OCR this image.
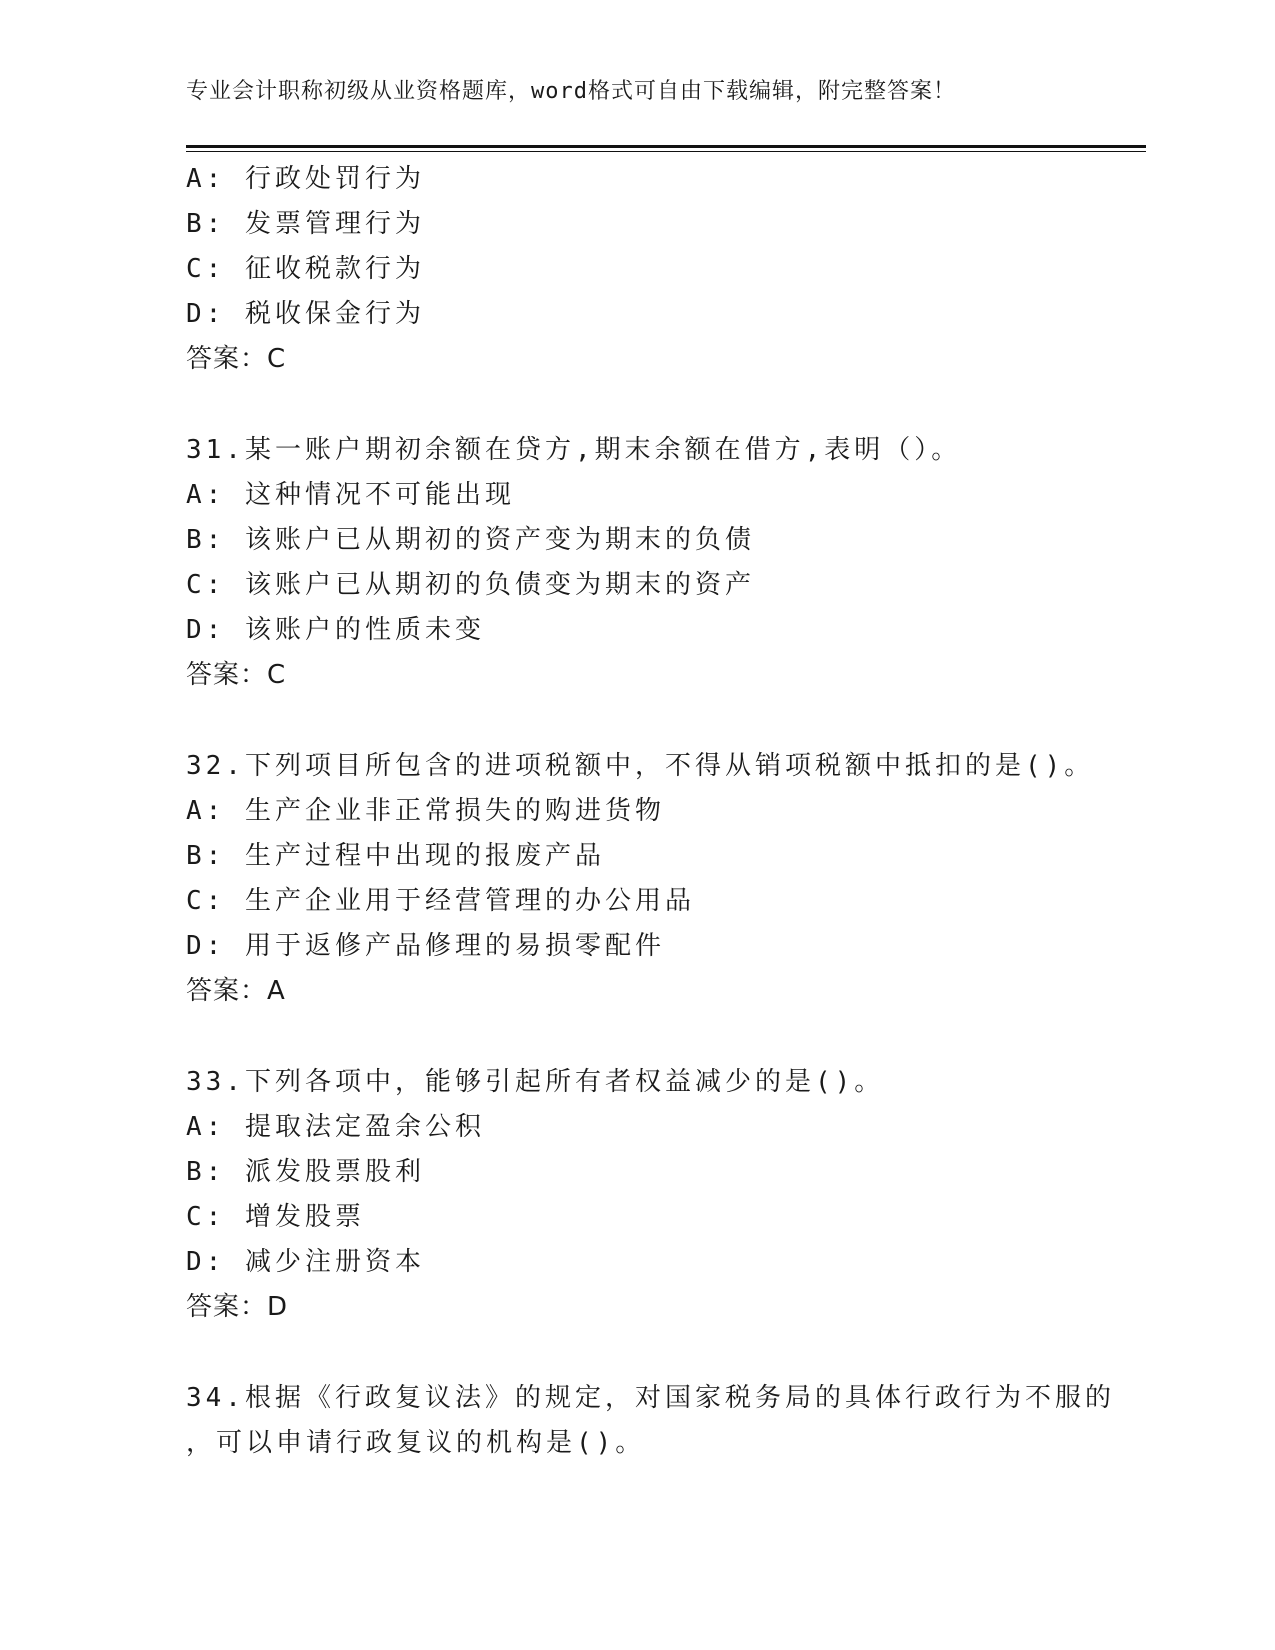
专业会计职称初级从业资格题库，word格式可自由下载编辑，附完整答案！
A: 行政处罚行为
B: 发票管理行为
C: 征收税款行为
D: 税收保金行为
答案：C
31.某一账户期初余额在贷方,期末余额在借方,表明（）。
A: 这种情况不可能出现
B: 该账户已从期初的资产变为期末的负债
C: 该账户已从期初的负债变为期末的资产
D: 该账户的性质未变
答案：C
32.下列项目所包含的进项税额中，不得从销项税额中抵扣的是()。
A: 生产企业非正常损失的购进货物
B: 生产过程中出现的报废产品
C: 生产企业用于经营管理的办公用品
D: 用于返修产品修理的易损零配件
答案：A
33.下列各项中，能够引起所有者权益减少的是()。
A: 提取法定盈余公积
B: 派发股票股利
C: 增发股票
D: 减少注册资本
答案：D
34.根据《行政复议法》的规定，对国家税务局的具体行政行为不服的
，可以申请行政复议的机构是()。
